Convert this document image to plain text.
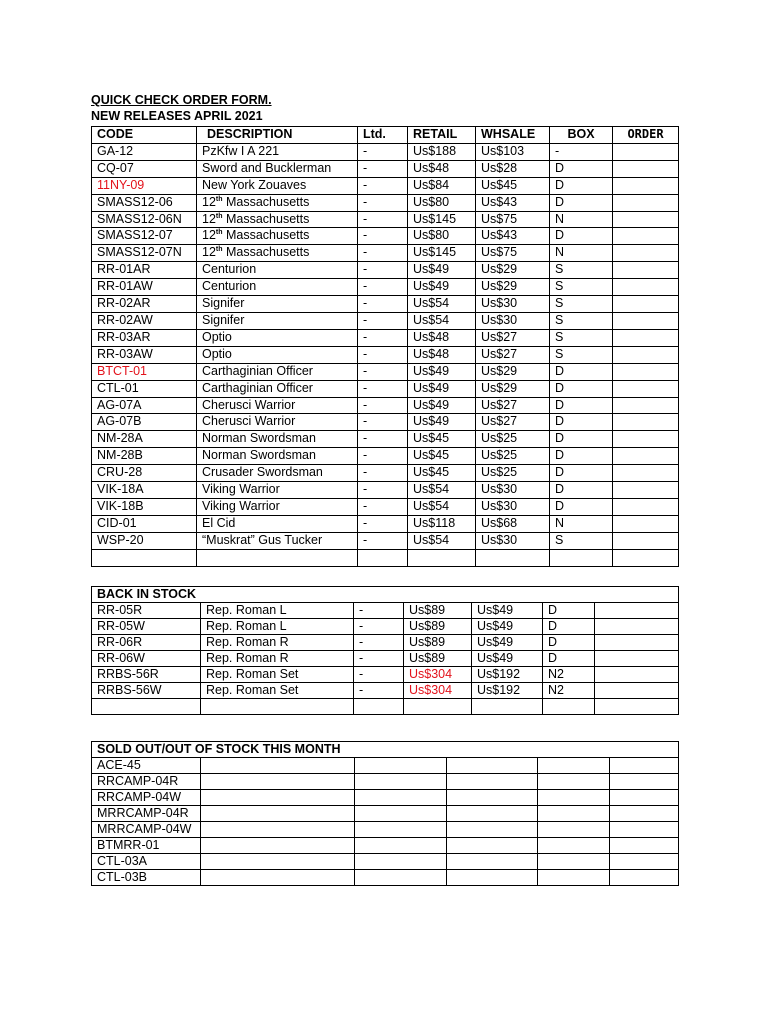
QUICK CHECK ORDER FORM.
NEW RELEASES APRIL 2021
CODE	DESCRIPTION	Ltd.	RETAIL	WHSALE	BOX	ORDER
GA-12	PzKfw I A 221	-	Us$188	Us$103	-	
CQ-07	Sword and Bucklerman	-	Us$48	Us$28	D	
11NY-09	New York Zouaves	-	Us$84	Us$45	D	
SMASS12-06	12th Massachusetts	-	Us$80	Us$43	D	
SMASS12-06N	12th Massachusetts	-	Us$145	Us$75	N	
SMASS12-07	12th Massachusetts	-	Us$80	Us$43	D	
SMASS12-07N	12th Massachusetts	-	Us$145	Us$75	N	
RR-01AR	Centurion	-	Us$49	Us$29	S	
RR-01AW	Centurion	-	Us$49	Us$29	S	
RR-02AR	Signifer	-	Us$54	Us$30	S	
RR-02AW	Signifer	-	Us$54	Us$30	S	
RR-03AR	Optio	-	Us$48	Us$27	S	
RR-03AW	Optio	-	Us$48	Us$27	S	
BTCT-01	Carthaginian Officer	-	Us$49	Us$29	D	
CTL-01	Carthaginian Officer	-	Us$49	Us$29	D	
AG-07A	Cherusci Warrior	-	Us$49	Us$27	D	
AG-07B	Cherusci Warrior	-	Us$49	Us$27	D	
NM-28A	Norman Swordsman	-	Us$45	Us$25	D	
NM-28B	Norman Swordsman	-	Us$45	Us$25	D	
CRU-28	Crusader Swordsman	-	Us$45	Us$25	D	
VIK-18A	Viking Warrior	-	Us$54	Us$30	D	
VIK-18B	Viking Warrior	-	Us$54	Us$30	D	
CID-01	El Cid	-	Us$118	Us$68	N	
WSP-20	“Muskrat” Gus Tucker	-	Us$54	Us$30	S	

BACK IN STOCK						
RR-05R	Rep. Roman L	-	Us$89	Us$49	D	
RR-05W	Rep. Roman L	-	Us$89	Us$49	D	
RR-06R	Rep. Roman R	-	Us$89	Us$49	D	
RR-06W	Rep. Roman R	-	Us$89	Us$49	D	
RRBS-56R	Rep. Roman Set	-	Us$304	Us$192	N2	
RRBS-56W	Rep. Roman Set	-	Us$304	Us$192	N2	

SOLD OUT/OUT OF STOCK THIS MONTH					
ACE-45					
RRCAMP-04R					
RRCAMP-04W					
MRRCAMP-04R					
MRRCAMP-04W					
BTMRR-01					
CTL-03A					
CTL-03B					
